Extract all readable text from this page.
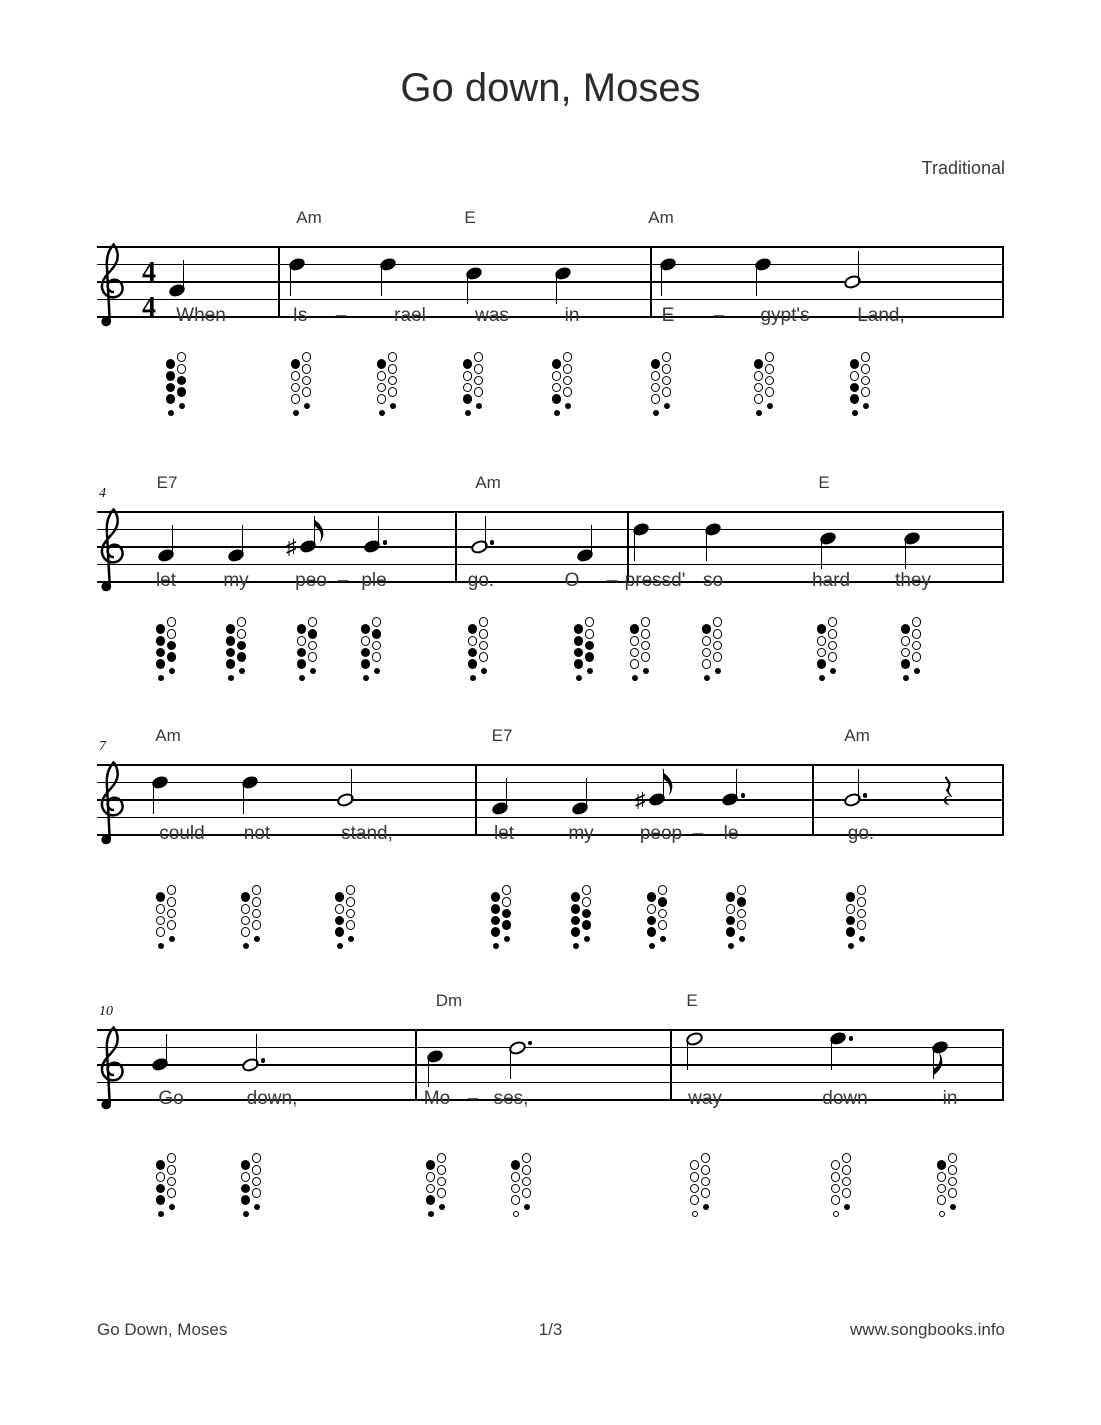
Go down, Moses
Traditional
4
4
Am	E	Am
When	Is –	rael	was	in	E – gypt's	Land,
4
E7	Am	E
♯
let my peo – ple	go.	O – pressd' so	hard they
7
Am	E7	Am
♯
could not	stand,	let	my peop – le	go.
10
Dm	E
Go	down,	Mo – ses,	way	down	in
Go Down, Moses	1/3	www.songbooks.info
